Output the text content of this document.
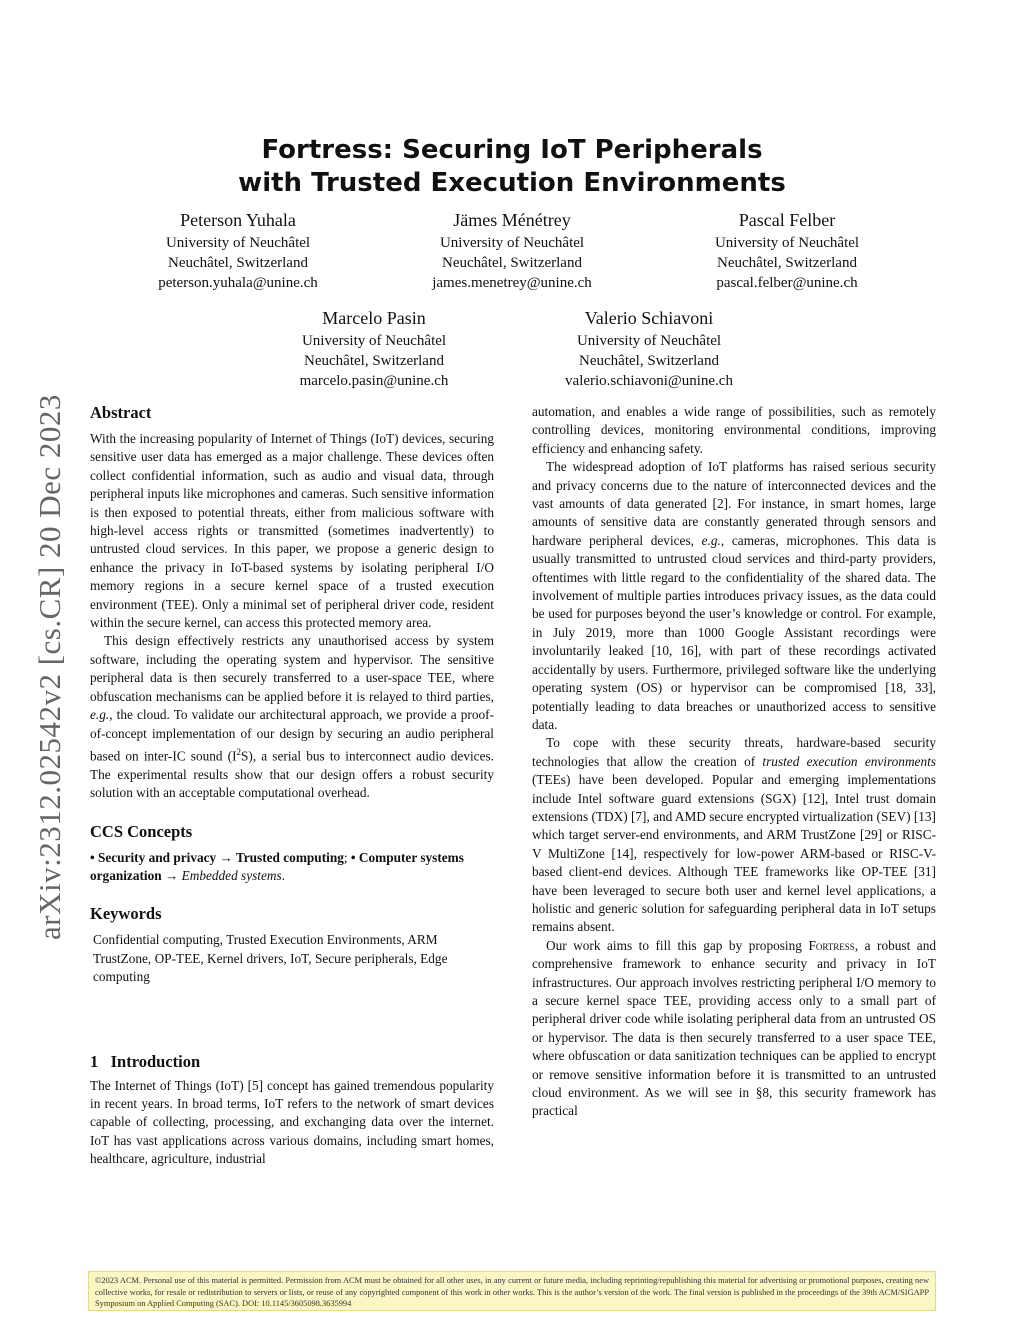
arXiv:2312.02542v2 [cs.CR] 20 Dec 2023
Fortress: Securing IoT Peripherals
with Trusted Execution Environments
Peterson Yuhala
University of Neuchâtel
Neuchâtel, Switzerland
peterson.yuhala@unine.ch
Jämes Ménétrey
University of Neuchâtel
Neuchâtel, Switzerland
james.menetrey@unine.ch
Pascal Felber
University of Neuchâtel
Neuchâtel, Switzerland
pascal.felber@unine.ch
Marcelo Pasin
University of Neuchâtel
Neuchâtel, Switzerland
marcelo.pasin@unine.ch
Valerio Schiavoni
University of Neuchâtel
Neuchâtel, Switzerland
valerio.schiavoni@unine.ch
Abstract

With the increasing popularity of Internet of Things (IoT) devices, securing sensitive user data has emerged as a major challenge. These devices often collect confidential information, such as audio and visual data, through peripheral inputs like microphones and cameras. Such sensitive information is then exposed to potential threats, either from malicious software with high-level access rights or transmitted (sometimes inadvertently) to untrusted cloud services. In this paper, we propose a generic design to enhance the privacy in IoT-based systems by isolating peripheral I/O memory regions in a secure kernel space of a trusted execution environment (TEE). Only a minimal set of peripheral driver code, resident within the secure kernel, can access this protected memory area.

This design effectively restricts any unauthorised access by system software, including the operating system and hypervisor. The sensitive peripheral data is then securely transferred to a user-space TEE, where obfuscation mechanisms can be applied before it is relayed to third parties, e.g., the cloud. To validate our architectural approach, we provide a proof-of-concept implementation of our design by securing an audio peripheral based on inter-IC sound $(I^2S)$, a serial bus to interconnect audio devices. The experimental results show that our design offers a robust security solution with an acceptable computational overhead.

CCS Concepts

• Security and privacy → Trusted computing; • Computer systems organization → Embedded systems.

Keywords

Confidential computing, Trusted Execution Environments, ARM TrustZone, OP-TEE, Kernel drivers, IoT, Secure peripherals, Edge computing

1   Introduction

The Internet of Things (IoT) [5] concept has gained tremendous popularity in recent years. In broad terms, IoT refers to the network of smart devices capable of collecting, processing, and exchanging data over the internet. IoT has vast applications across various domains, including smart homes, healthcare, agriculture, industrial

automation, and enables a wide range of possibilities, such as remotely controlling devices, monitoring environmental conditions, improving efficiency and enhancing safety.

The widespread adoption of IoT platforms has raised serious security and privacy concerns due to the nature of interconnected devices and the vast amounts of data generated [2]. For instance, in smart homes, large amounts of sensitive data are constantly generated through sensors and hardware peripheral devices, e.g., cameras, microphones. This data is usually transmitted to untrusted cloud services and third-party providers, oftentimes with little regard to the confidentiality of the shared data. The involvement of multiple parties introduces privacy issues, as the data could be used for purposes beyond the user’s knowledge or control. For example, in July 2019, more than 1000 Google Assistant recordings were involuntarily leaked [10, 16], with part of these recordings activated accidentally by users. Furthermore, privileged software like the underlying operating system (OS) or hypervisor can be compromised [18, 33], potentially leading to data breaches or unauthorized access to sensitive data.

To cope with these security threats, hardware-based security technologies that allow the creation of trusted execution environments (TEEs) have been developed. Popular and emerging implementations include Intel software guard extensions (SGX) [12], Intel trust domain extensions (TDX) [7], and AMD secure encrypted virtualization (SEV) [13] which target server-end environments, and ARM TrustZone [29] or RISC-V MultiZone [14], respectively for low-power ARM-based or RISC-V-based client-end devices. Although TEE frameworks like OP-TEE [31] have been leveraged to secure both user and kernel level applications, a holistic and generic solution for safeguarding peripheral data in IoT setups remains absent.

Our work aims to fill this gap by proposing Fortress, a robust and comprehensive framework to enhance security and privacy in IoT infrastructures. Our approach involves restricting peripheral I/O memory to a secure kernel space TEE, providing access only to a small part of peripheral driver code while isolating peripheral data from an untrusted OS or hypervisor. The data is then securely transferred to a user space TEE, where obfuscation or data sanitization techniques can be applied to encrypt or remove sensitive information before it is transmitted to an untrusted cloud environment. As we will see in §8, this security framework has practical

©2023 ACM. Personal use of this material is permitted. Permission from ACM must be obtained for all other uses, in any current or future media, including reprinting/republishing this material for advertising or promotional purposes, creating new collective works, for resale or redistribution to servers or lists, or reuse of any copyrighted component of this work in other works. This is the author’s version of the work. The final version is published in the proceedings of the 39th ACM/SIGAPP Symposium on Applied Computing (SAC). DOI: 10.1145/3605098.3635994
